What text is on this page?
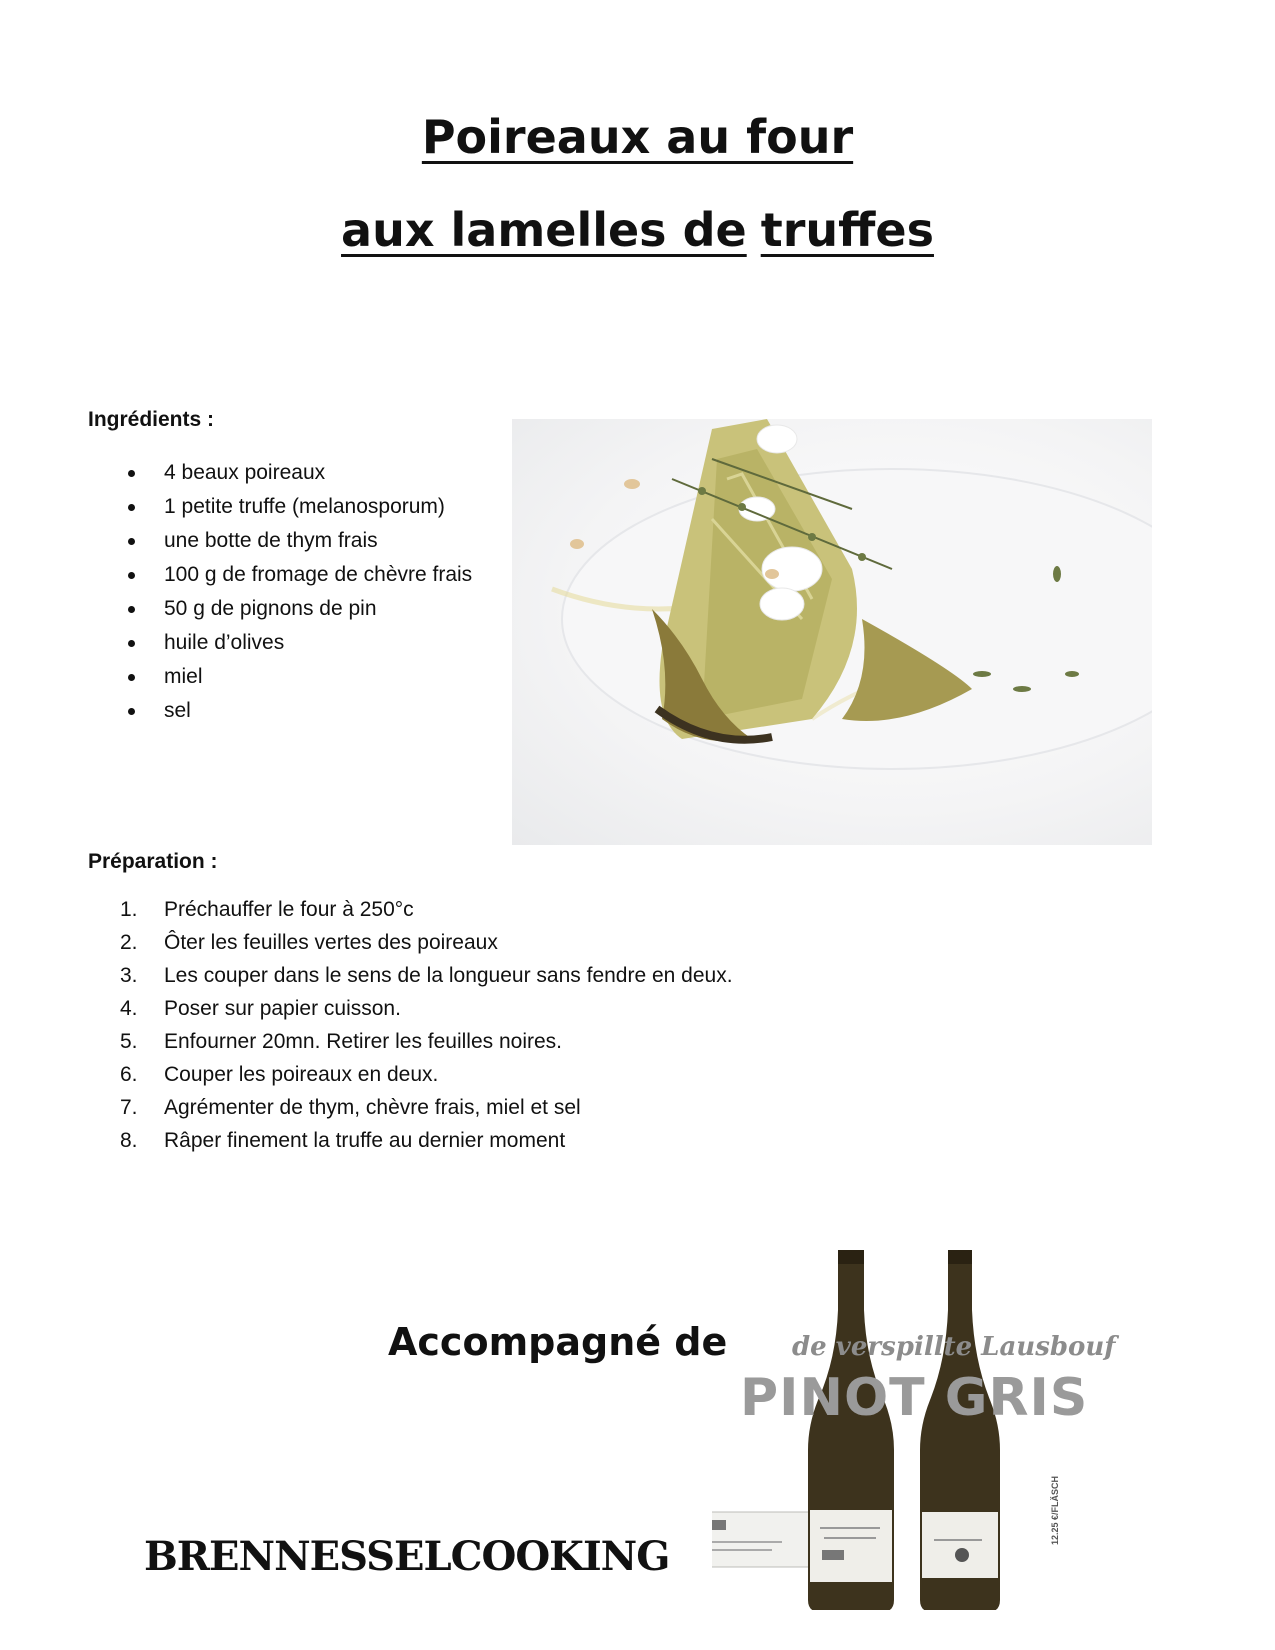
Poireaux au four
aux lamelles de truffes
Ingrédients :
4 beaux poireaux
1 petite truffe (melanosporum)
une botte de thym frais
100 g de fromage de chèvre frais
50 g de pignons de pin
huile d’olives
miel
sel
Préparation :
1.	Préchauffer le four à 250°c
2.	Ôter les feuilles vertes des poireaux
3.	Les couper dans le sens de la longueur sans fendre en deux.
4.	Poser sur papier cuisson.
5.	Enfourner 20mn. Retirer les feuilles noires.
6.	Couper les poireaux en deux.
7.	Agrémenter de thym, chèvre frais, miel et sel
8.	Râper finement la truffe au dernier moment
Accompagné de de verspillte Lausbouf
PINOT GRIS
12.25 €/FLÄSCH
BRENNESSELCOOKING
